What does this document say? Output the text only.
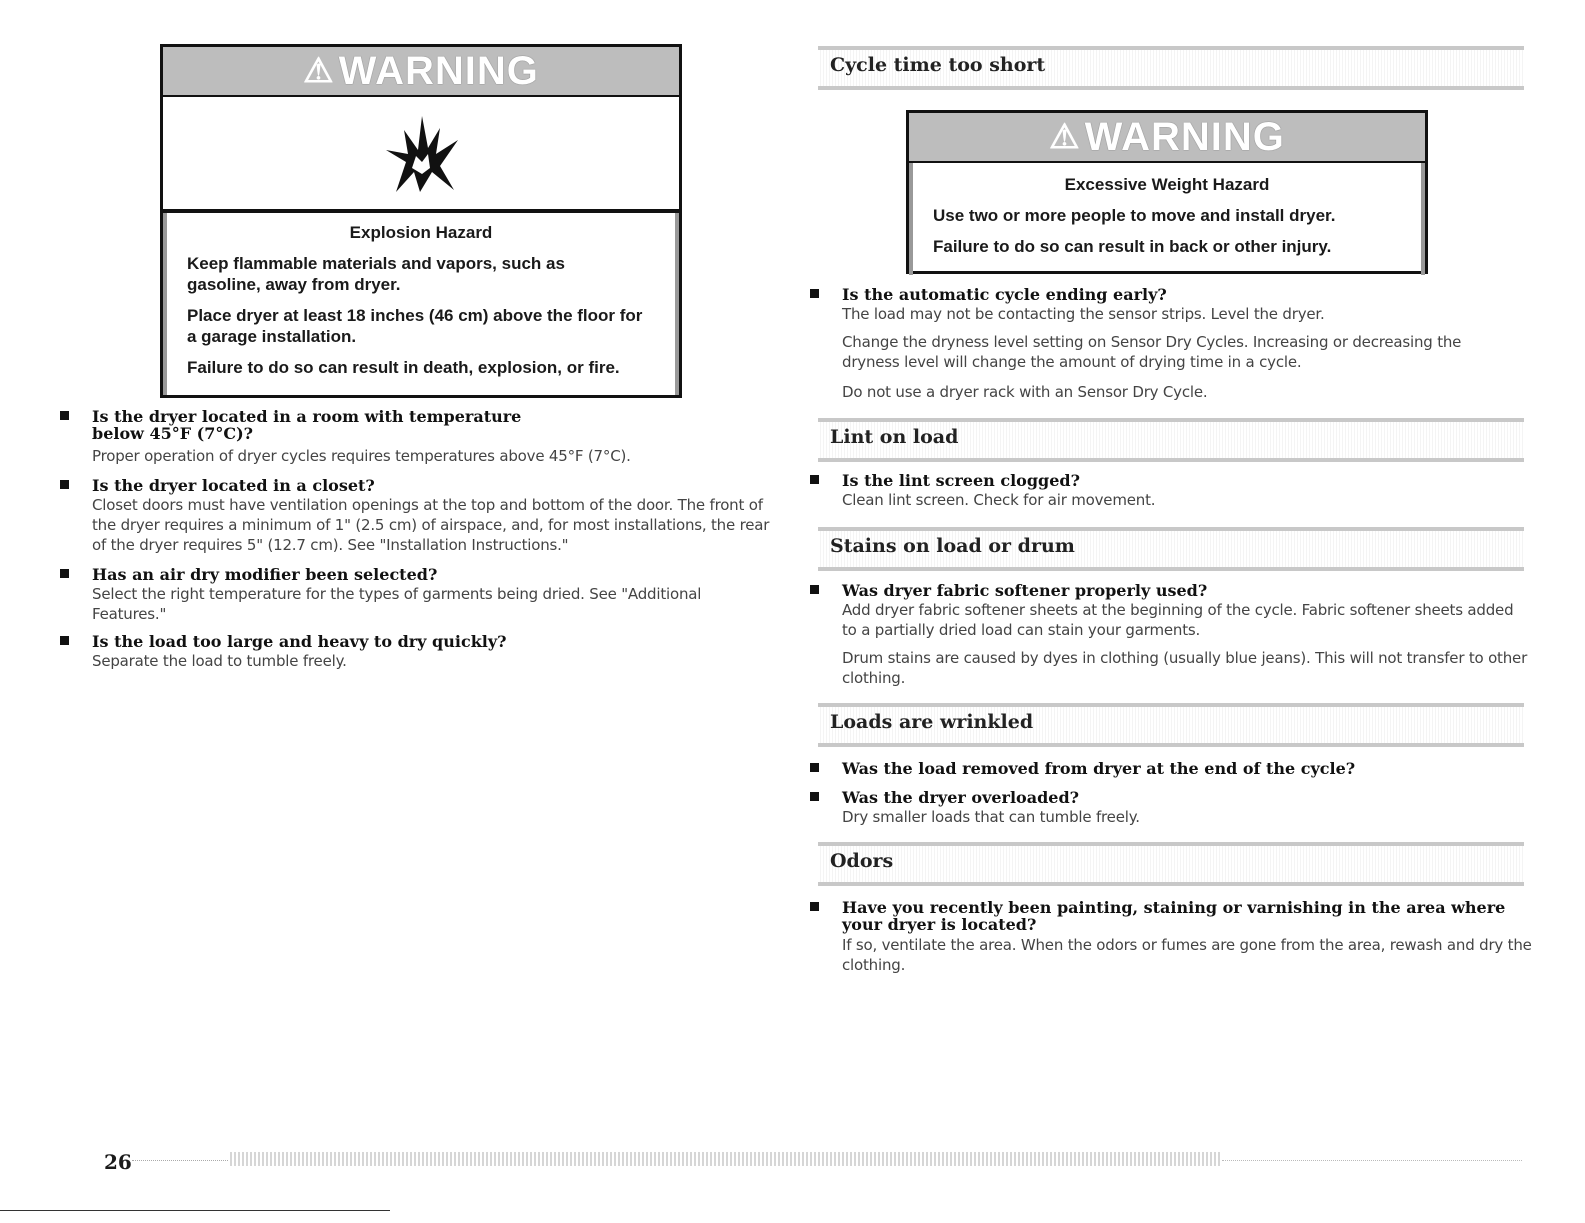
⚠ WARNING

Explosion Hazard

Keep flammable materials and vapors, such as gasoline, away from dryer.

Place dryer at least 18 inches (46 cm) above the floor for a garage installation.

Failure to do so can result in death, explosion, or fire.

Is the dryer located in a room with temperature below 45°F (7°C)?
Proper operation of dryer cycles requires temperatures above 45°F (7°C).
Is the dryer located in a closet?
Closet doors must have ventilation openings at the top and bottom of the door. The front of the dryer requires a minimum of 1" (2.5 cm) of airspace, and, for most installations, the rear of the dryer requires 5" (12.7 cm). See "Installation Instructions."
Has an air dry modifier been selected?
Select the right temperature for the types of garments being dried. See "Additional Features."
Is the load too large and heavy to dry quickly?
Separate the load to tumble freely.
Cycle time too short
⚠ WARNING

Excessive Weight Hazard

Use two or more people to move and install dryer.

Failure to do so can result in back or other injury.

Is the automatic cycle ending early?
The load may not be contacting the sensor strips. Level the dryer.
Change the dryness level setting on Sensor Dry Cycles. Increasing or decreasing the dryness level will change the amount of drying time in a cycle.
Do not use a dryer rack with an Sensor Dry Cycle.
Lint on load
Is the lint screen clogged?
Clean lint screen. Check for air movement.
Stains on load or drum
Was dryer fabric softener properly used?
Add dryer fabric softener sheets at the beginning of the cycle. Fabric softener sheets added to a partially dried load can stain your garments.
Drum stains are caused by dyes in clothing (usually blue jeans). This will not transfer to other clothing.
Loads are wrinkled
Was the load removed from dryer at the end of the cycle?
Was the dryer overloaded?
Dry smaller loads that can tumble freely.
Odors
Have you recently been painting, staining or varnishing in the area where your dryer is located?
If so, ventilate the area. When the odors or fumes are gone from the area, rewash and dry the clothing.
26
